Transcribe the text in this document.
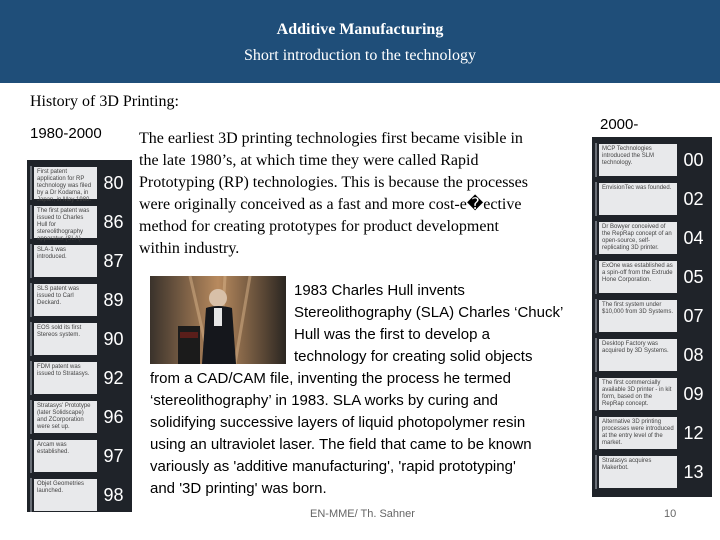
Additive Manufacturing
Short introduction to the technology
History of 3D Printing:
1980-2000
2000-
First patent application for RP technology was filed by a Dr Kodama, in Japan, in May 1980.
80
The first patent was issued to Charles Hull for stereolithography apparatus (SLA).
86
SLA-1 was introduced.	87
SLS patent was issued to Carl Deckard.	89
EOS sold its first Stereos system.	90
FDM patent was issued to Stratasys. 92
Stratasys' Prototype (later Solidscape) and ZCorporation were set up.
96
Arcam was established.	97
Objet Geometries launched.	98
MCP Technologies introduced the SLM technology.	00
EnvisionTec was founded.
02
Dr Bowyer conceived of the RepRap concept of an open-source, self-replicating 3D printer.
04
ExOne was established as a spin-off from the Extrude Hone Corporation.	05
The first system under $10,000 from 3D Systems. 07
Desktop Factory was acquired by 3D Systems. 08
The first commercially available 3D printer - in kit form, based on the RepRap concept.
09
Alternative 3D printing processes were introduced at the entry level of the market.
12
Stratasys acquires Makerbot.	13
The earliest 3D printing technologies first became visible in
the late 1980’s, at which time they were called Rapid
Prototyping (RP) technologies. This is because the processes
were originally conceived as a fast and more cost-e�ective
method for creating prototypes for product development
within industry.
1983 Charles Hull invents
Stereolithography (SLA) Charles ‘Chuck’
Hull was the first to develop a
technology for creating solid objects
from a CAD/CAM file, inventing the process he termed
‘stereolithography’ in 1983. SLA works by curing and
solidifying successive layers of liquid photopolymer resin
using an ultraviolet laser. The field that came to be known
variously as 'additive manufacturing', 'rapid prototyping'
and '3D printing' was born.
EN-MME/ Th. Sahner	10
